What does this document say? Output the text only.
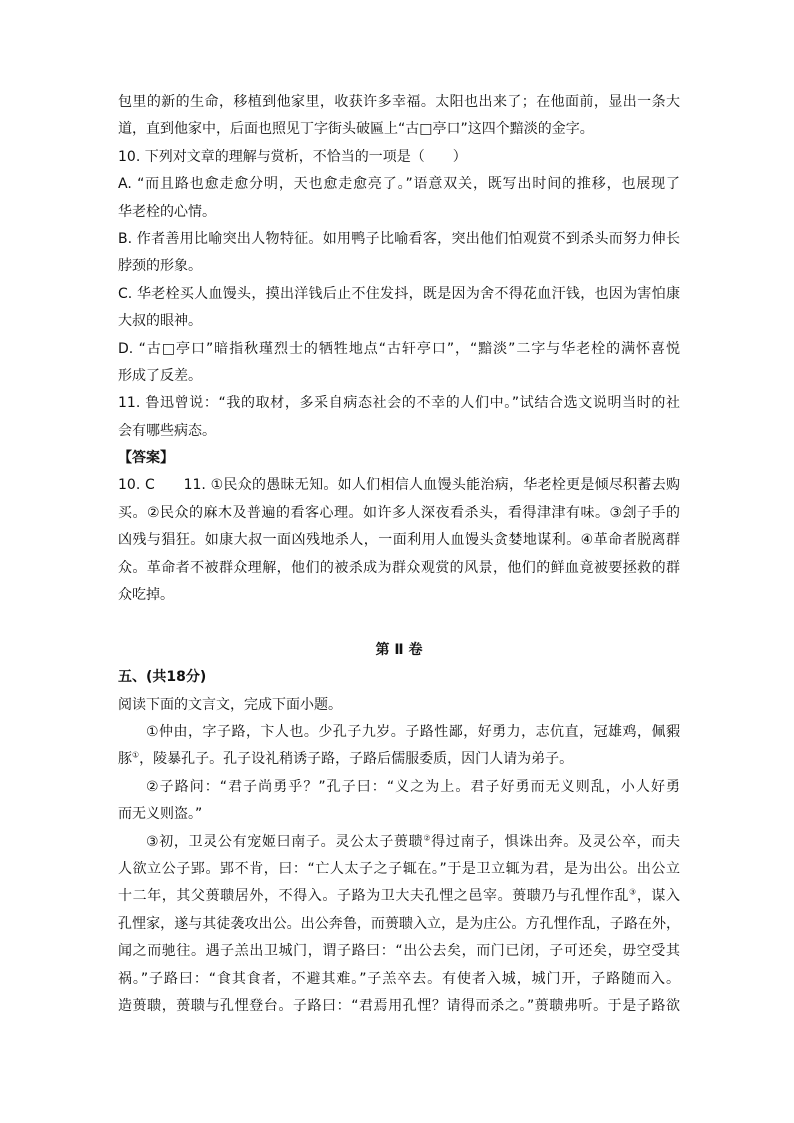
包里的新的生命，移植到他家里，收获许多幸福。太阳也出来了；在他面前，显出一条大
道，直到他家中，后面也照见丁字街头破匾上“古□亭口”这四个黯淡的金字。
10. 下列对文章的理解与赏析，不恰当的一项是（　　）
A. “而且路也愈走愈分明，天也愈走愈亮了。”语意双关，既写出时间的推移，也展现了
华老栓的心情。
B. 作者善用比喻突出人物特征。如用鸭子比喻看客，突出他们怕观赏不到杀头而努力伸长
脖颈的形象。
C. 华老栓买人血馒头，摸出洋钱后止不住发抖，既是因为舍不得花血汗钱，也因为害怕康
大叔的眼神。
D. “古□亭口”暗指秋瑾烈士的牺牲地点“古轩亭口”，“黯淡”二字与华老栓的满怀喜悦
形成了反差。
11. 鲁迅曾说：“我的取材，多采自病态社会的不幸的人们中。”试结合选文说明当时的社
会有哪些病态。
【答案】
10. C　　11. ①民众的愚昧无知。如人们相信人血馒头能治病，华老栓更是倾尽积蓄去购
买。②民众的麻木及普遍的看客心理。如许多人深夜看杀头，看得津津有味。③刽子手的
凶残与猖狂。如康大叔一面凶残地杀人，一面利用人血馒头贪婪地谋利。④革命者脱离群
众。革命者不被群众理解，他们的被杀成为群众观赏的风景，他们的鲜血竟被要拯救的群
众吃掉。
第 Ⅱ 卷
五、(共18分)
阅读下面的文言文，完成下面小题。
①仲由，字子路，卞人也。少孔子九岁。子路性鄙，好勇力，志伉直，冠雄鸡，佩豭
豚①，陵暴孔子。孔子设礼稍诱子路，子路后儒服委质，因门人请为弟子。
②子路问：“君子尚勇乎？”孔子曰：“义之为上。君子好勇而无义则乱，小人好勇
而无义则盗。”
③初，卫灵公有宠姬曰南子。灵公太子蒉聩②得过南子，惧诛出奔。及灵公卒，而夫
人欲立公子郢。郢不肯，曰：“亡人太子之子辄在。”于是卫立辄为君，是为出公。出公立
十二年，其父蒉聩居外，不得入。子路为卫大夫孔悝之邑宰。蒉聩乃与孔悝作乱③，谋入
孔悝家，遂与其徒袭攻出公。出公奔鲁，而蒉聩入立，是为庄公。方孔悝作乱，子路在外，
闻之而驰往。遇子羔出卫城门，谓子路曰：“出公去矣，而门已闭，子可还矣，毋空受其
祸。”子路曰：“食其食者，不避其难。”子羔卒去。有使者入城，城门开，子路随而入。
造蒉聩，蒉聩与孔悝登台。子路曰：“君焉用孔悝？请得而杀之。”蒉聩弗听。于是子路欲
